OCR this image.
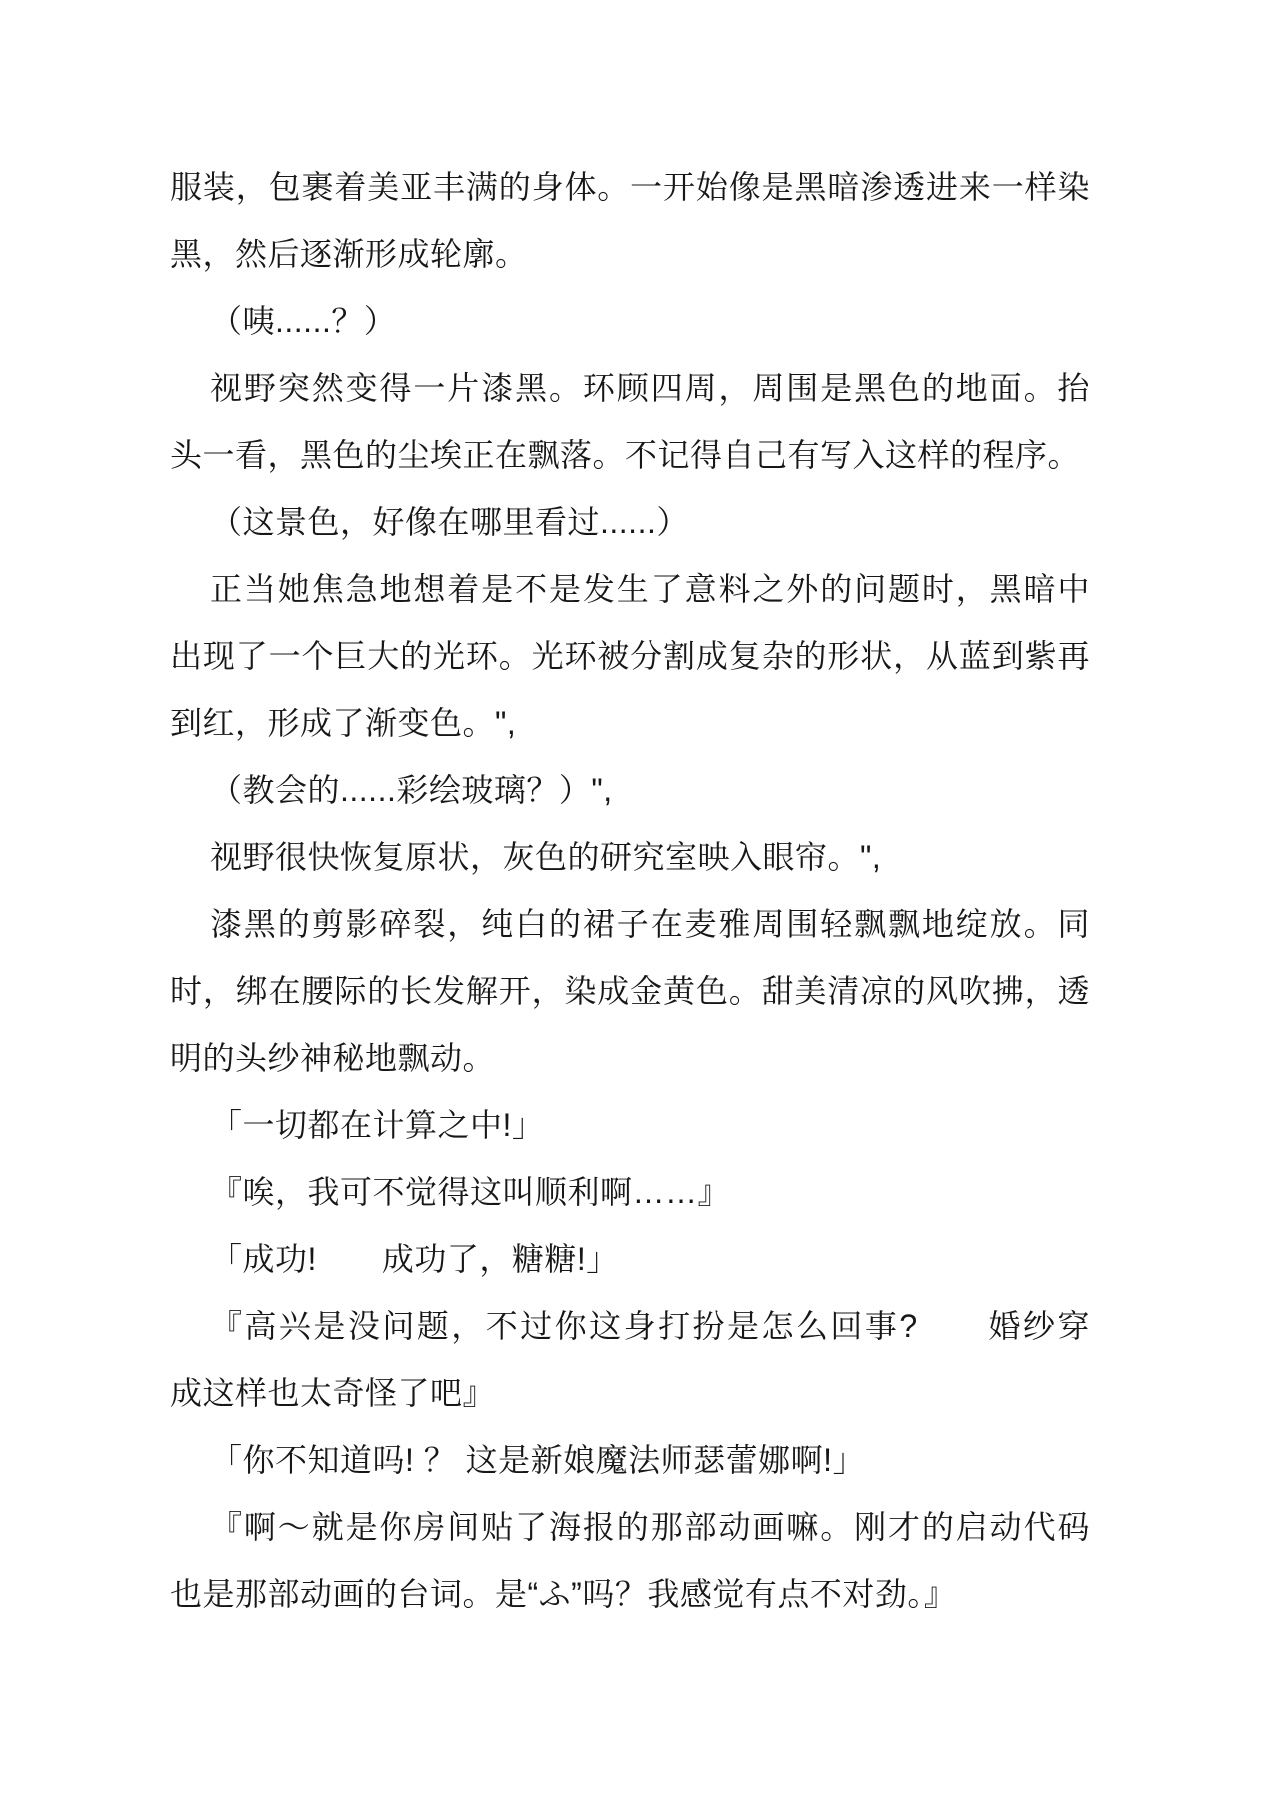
服装，包裹着美亚丰满的身体。一开始像是黑暗渗透进来一样染
黑，然后逐渐形成轮廓。
（咦......？）
视野突然变得一片漆黑。环顾四周，周围是黑色的地面。抬
头一看，黑色的尘埃正在飘落。不记得自己有写入这样的程序。
（这景色，好像在哪里看过......）
正当她焦急地想着是不是发生了意料之外的问题时，黑暗中
出现了一个巨大的光环。光环被分割成复杂的形状，从蓝到紫再
到红，形成了渐变色。",
（教会的......彩绘玻璃？）",
视野很快恢复原状，灰色的研究室映入眼帘。",
漆黑的剪影碎裂，纯白的裙子在麦雅周围轻飘飘地绽放。同
时，绑在腰际的长发解开，染成金黄色。甜美清凉的风吹拂，透
明的头纱神秘地飘动。
「一切都在计算之中!」
『唉，我可不觉得这叫顺利啊……』
「成功!　　成功了，糖糖!」
『高兴是没问题，不过你这身打扮是怎么回事?　　婚纱穿
成这样也太奇怪了吧』
「你不知道吗! ？ 这是新娘魔法师瑟蕾娜啊!」
『啊～就是你房间贴了海报的那部动画嘛。刚才的启动代码
也是那部动画的台词。是“ふ”吗？我感觉有点不对劲。』
